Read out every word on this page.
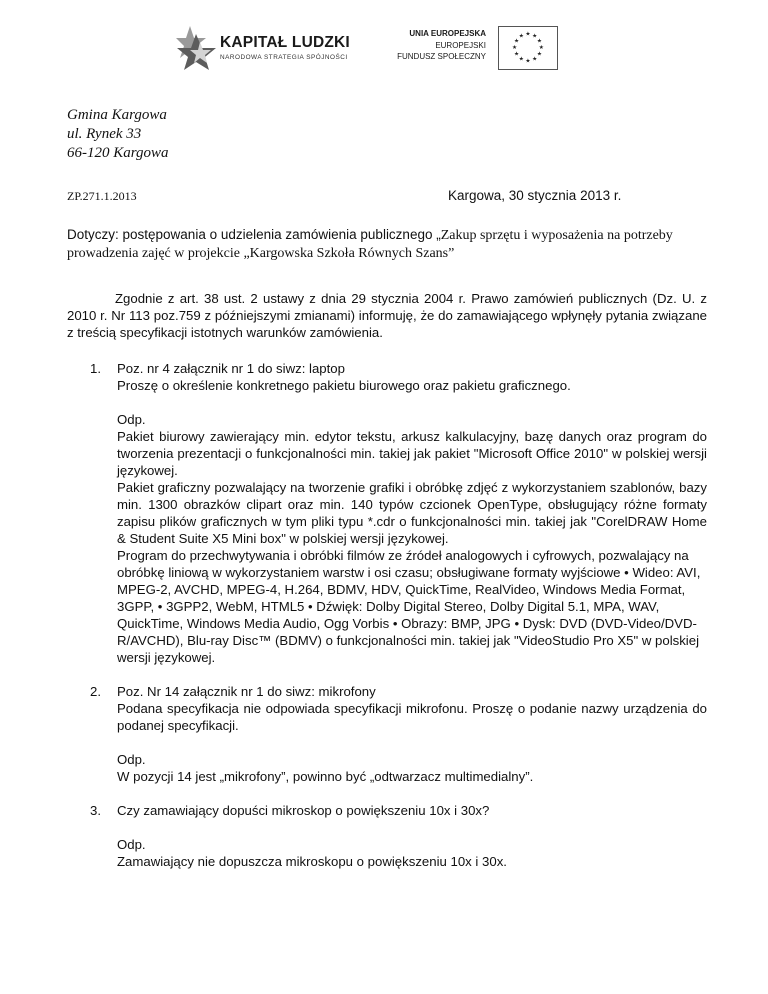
KAPITAŁ LUDZKI
NARODOWA STRATEGIA SPÓJNOŚCI
UNIA EUROPEJSKA
EUROPEJSKI
FUNDUSZ SPOŁECZNY
★ ★
★
★
★
★
★
★
★
★
★
★
Gmina Kargowa
ul. Rynek 33
66-120 Kargowa
ZP.271.1.2013	Kargowa, 30 stycznia 2013 r.
Dotyczy: postępowania o udzielenia zamówienia publicznego „Zakup sprzętu i wyposażenia na potrzeby prowadzenia zajęć w projekcie „Kargowska Szkoła Równych Szans”
Zgodnie z art. 38 ust. 2 ustawy z dnia 29 stycznia 2004 r. Prawo zamówień publicznych (Dz. U. z 2010 r. Nr 113 poz.759 z późniejszymi zmianami) informuję, że do zamawiającego wpłynęły pytania związane z treścią specyfikacji istotnych warunków zamówienia.
1. Poz. nr 4 załącznik nr 1 do siwz: laptop

Proszę o określenie konkretnego pakietu biurowego oraz pakietu graficznego.

Odp.

Pakiet biurowy zawierający min. edytor tekstu, arkusz kalkulacyjny, bazę danych oraz program do tworzenia prezentacji o funkcjonalności min. takiej jak pakiet "Microsoft Office 2010" w polskiej wersji językowej.

Pakiet graficzny pozwalający na tworzenie grafiki i obróbkę zdjęć z wykorzystaniem szablonów, bazy min. 1300 obrazków clipart oraz min. 140 typów czcionek OpenType, obsługujący różne formaty zapisu plików graficznych w tym pliki typu *.cdr o funkcjonalności min. takiej jak "CorelDRAW Home & Student Suite X5 Mini box" w polskiej wersji językowej.

Program do przechwytywania i obróbki filmów ze źródeł analogowych i cyfrowych, pozwalający na obróbkę liniową w wykorzystaniem warstw i osi czasu; obsługiwane formaty wyjściowe • Wideo: AVI, MPEG-2, AVCHD, MPEG-4, H.264, BDMV, HDV, QuickTime, RealVideo, Windows Media Format, 3GPP, • 3GPP2, WebM, HTML5 • Dźwięk: Dolby Digital Stereo, Dolby Digital 5.1, MPA, WAV, QuickTime, Windows Media Audio, Ogg Vorbis • Obrazy: BMP, JPG • Dysk: DVD (DVD-Video/DVD-R/AVCHD), Blu-ray Disc™ (BDMV) o funkcjonalności min. takiej jak "VideoStudio Pro X5" w polskiej wersji językowej.

2. Poz. Nr 14 załącznik nr 1 do siwz: mikrofony

Podana specyfikacja nie odpowiada specyfikacji mikrofonu. Proszę o podanie nazwy urządzenia do podanej specyfikacji.

Odp.

W pozycji 14 jest „mikrofony”, powinno być „odtwarzacz multimedialny”.

3. Czy zamawiający dopuści mikroskop o powiększeniu 10x i 30x?

Odp.

Zamawiający nie dopuszcza mikroskopu o powiększeniu 10x i 30x.
